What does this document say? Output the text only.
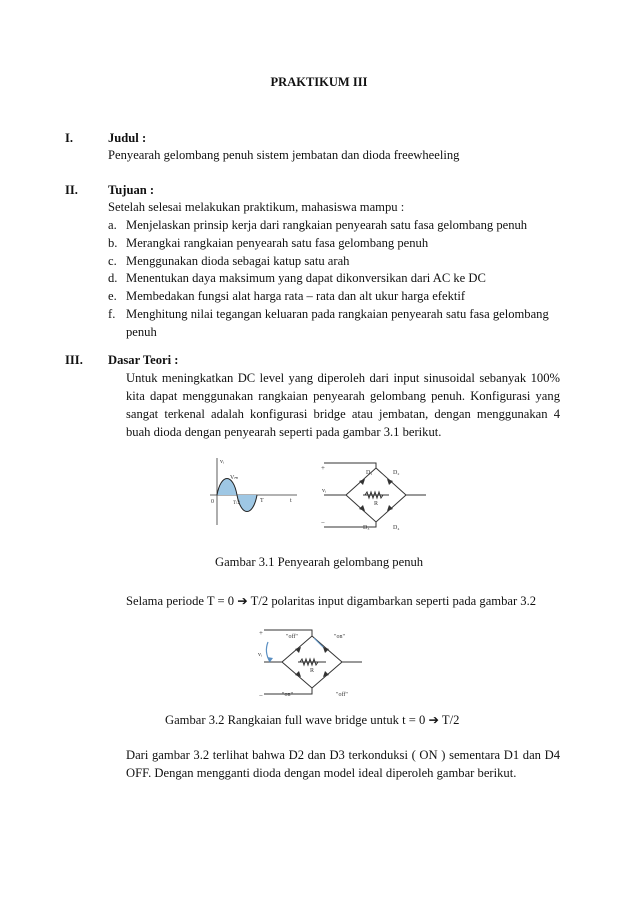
PRAKTIKUM III
I.	Judul :
Penyearah gelombang penuh sistem jembatan dan dioda freewheeling
II. Tujuan :
Setelah selesai melakukan praktikum, mahasiswa mampu :
a. Menjelaskan prinsip kerja dari rangkaian penyearah satu fasa gelombang penuh
b. Merangkai rangkaian penyearah satu fasa gelombang penuh
c. Menggunakan dioda sebagai katup satu arah
d. Menentukan daya maksimum yang dapat dikonversikan dari AC ke DC
e. Membedakan fungsi alat harga rata – rata dan alt ukur harga efektif
f. Menghitung nilai tegangan keluaran pada rangkaian penyearah satu fasa gelombang
penuh
III. Dasar Teori :
Untuk meningkatkan DC level yang diperoleh dari input sinusoidal sebanyak 100%
kita dapat menggunakan rangkaian penyearah gelombang penuh. Konfigurasi yang
sangat terkenal adalah konfigurasi bridge atau jembatan, dengan menggunakan 4
buah dioda dengan penyearah seperti pada gambar 3.1 berikut.
vᵢ
Vₘ
0	T/2	T	t
D₁	D₂
D₃	D₄
R
vᵢ
+
−
Gambar 3.1 Penyearah gelombang penuh
Selama periode T = 0 ➔ T/2 polaritas input digambarkan seperti pada gambar 3.2
"off"	"on"
"on"	"off"
R
vᵢ
+
−
Gambar 3.2 Rangkaian full wave bridge untuk t = 0 ➔ T/2
Dari gambar 3.2 terlihat bahwa D2 dan D3 terkonduksi ( ON ) sementara D1 dan D4
OFF. Dengan mengganti dioda dengan model ideal diperoleh gambar berikut.
